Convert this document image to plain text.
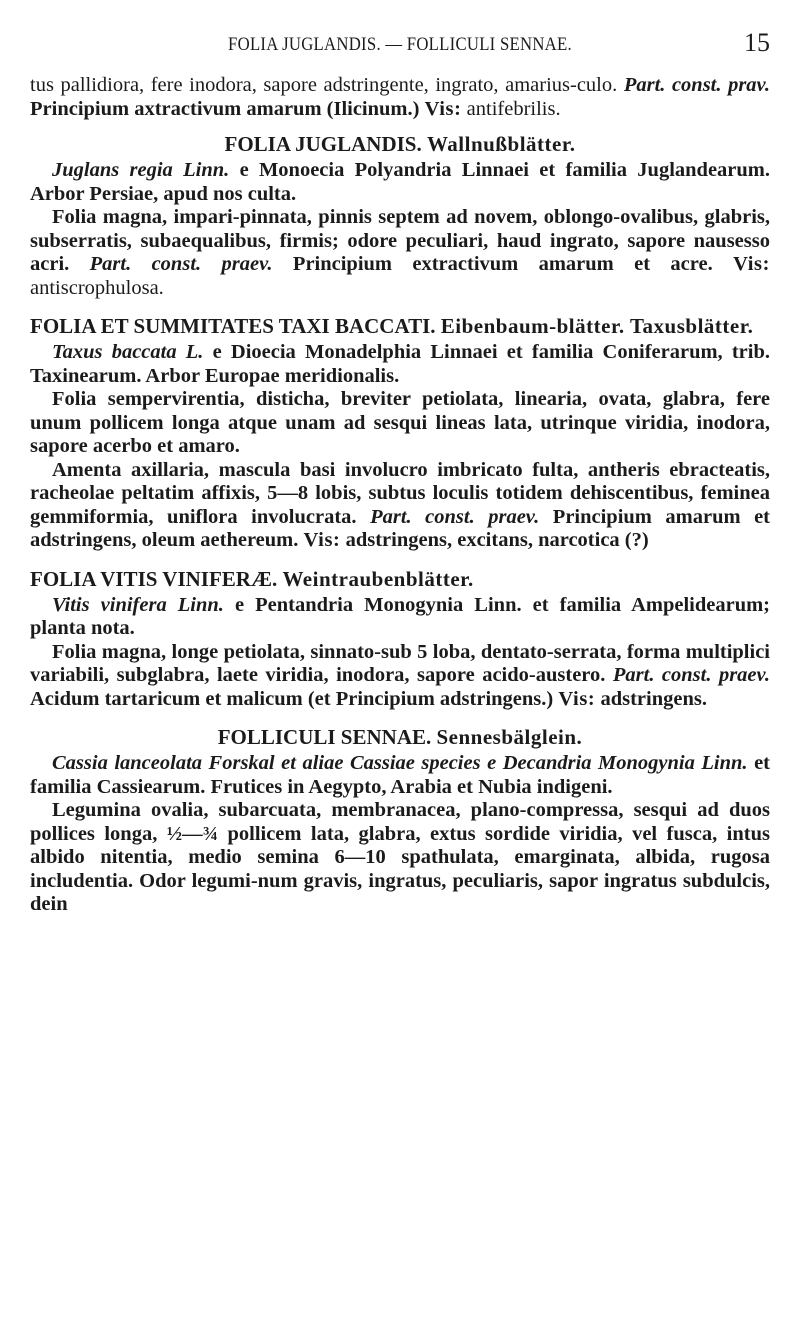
FOLIA JUGLANDIS. — FOLLICULI SENNAE.	15

tus pallidiora, fere inodora, sapore adstringente, ingrato, amarius-culo. Part. const. prav. Principium axtractivum amarum (Ilicinum.) Vis: antifebrilis.

FOLIA JUGLANDIS. Wallnußblätter.

Juglans regia Linn. e Monoecia Polyandria Linnaei et familia Juglandearum. Arbor Persiae, apud nos culta.

Folia magna, impari-pinnata, pinnis septem ad novem, oblongo-ovalibus, glabris, subserratis, subaequalibus, firmis; odore peculiari, haud ingrato, sapore nausesso acri. Part. const. praev. Principium extractivum amarum et acre. Vis: antiscrophulosa.

FOLIA ET SUMMITATES TAXI BACCATI. Eibenbaum-blätter. Taxusblätter.

Taxus baccata L. e Dioecia Monadelphia Linnaei et familia Coniferarum, trib. Taxinearum. Arbor Europae meridionalis.

Folia sempervirentia, disticha, breviter petiolata, linearia, ovata, glabra, fere unum pollicem longa atque unam ad sesqui lineas lata, utrinque viridia, inodora, sapore acerbo et amaro.

Amenta axillaria, mascula basi involucro imbricato fulta, antheris ebracteatis, racheolae peltatim affixis, 5—8 lobis, subtus loculis totidem dehiscentibus, feminea gemmiformia, uniflora involucrata. Part. const. praev. Principium amarum et adstringens, oleum aethereum. Vis: adstringens, excitans, narcotica (?)

FOLIA VITIS VINIFERÆ. Weintraubenblätter.

Vitis vinifera Linn. e Pentandria Monogynia Linn. et familia Ampelidearum; planta nota.

Folia magna, longe petiolata, sinnato-sub 5 loba, dentato-serrata, forma multiplici variabili, subglabra, laete viridia, inodora, sapore acido-austero. Part. const. praev. Acidum tartaricum et malicum (et Principium adstringens.) Vis: adstringens.

FOLLICULI SENNAE. Sennesbälglein.

Cassia lanceolata Forskal et aliae Cassiae species e Decandria Monogynia Linn. et familia Cassiearum. Frutices in Aegypto, Arabia et Nubia indigeni.

Legumina ovalia, subarcuata, membranacea, plano-compressa, sesqui ad duos pollices longa, ½—¾ pollicem lata, glabra, extus sordide viridia, vel fusca, intus albido nitentia, medio semina 6—10 spathulata, emarginata, albida, rugosa includentia. Odor legumi-num gravis, ingratus, peculiaris, sapor ingratus subdulcis, dein
